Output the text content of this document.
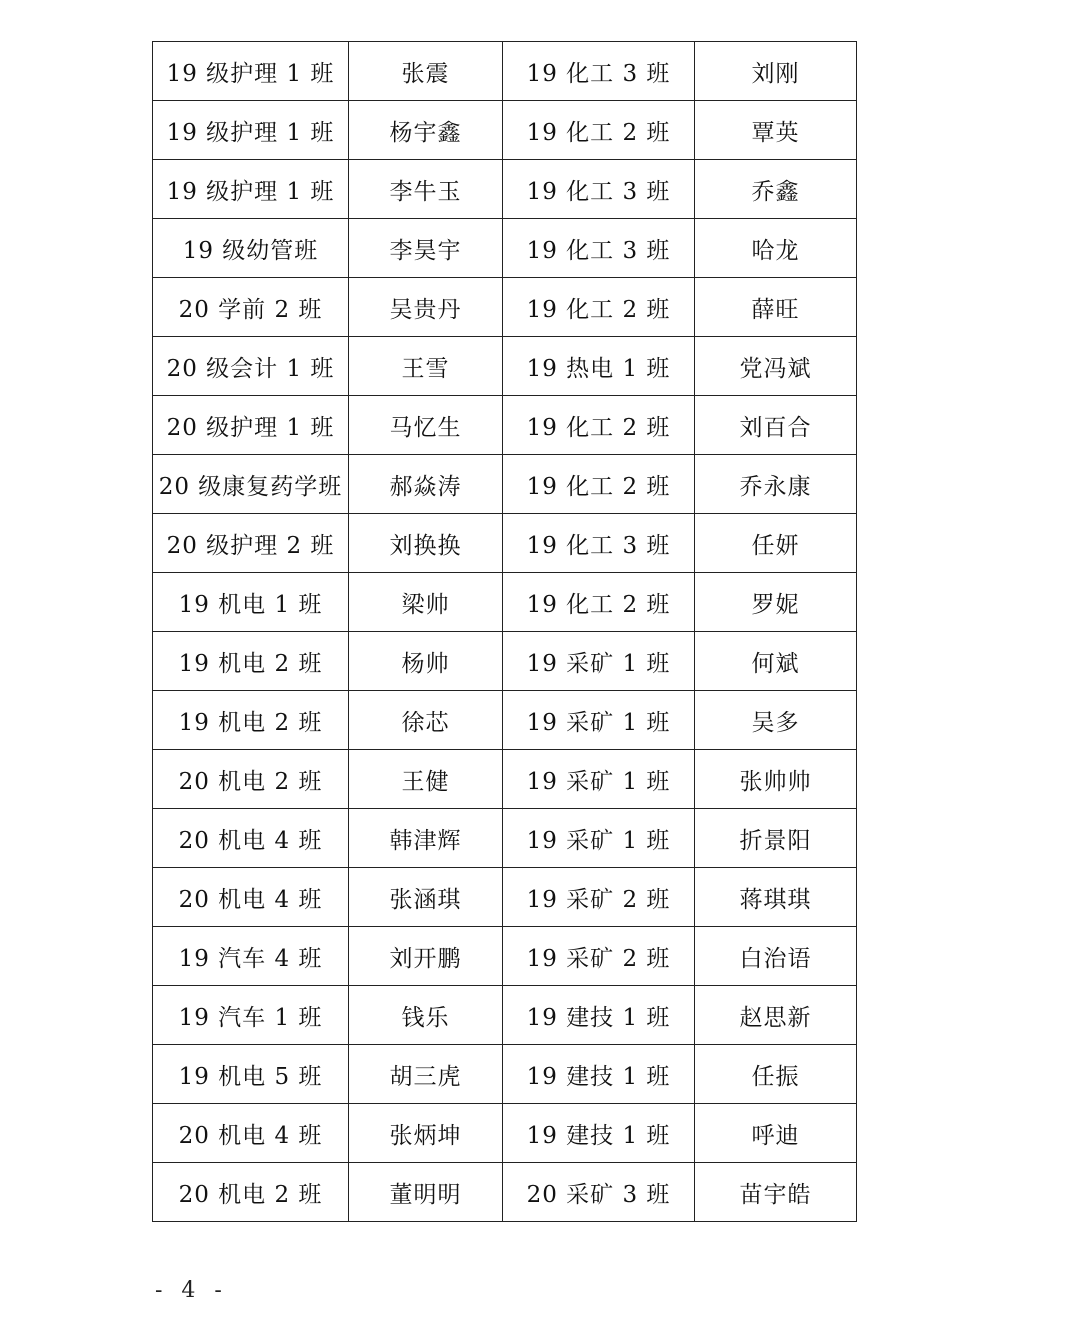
19 级护理 1 班	张震	19 化工 3 班	刘刚
19 级护理 1 班	杨宇鑫	19 化工 2 班	覃英
19 级护理 1 班	李牛玉	19 化工 3 班	乔鑫
19 级幼管班	李昊宇	19 化工 3 班	哈龙
20 学前 2 班	吴贵丹	19 化工 2 班	薛旺
20 级会计 1 班	王雪	19 热电 1 班	党冯斌
20 级护理 1 班	马忆生	19 化工 2 班	刘百合
20 级康复药学班	郝焱涛	19 化工 2 班	乔永康
20 级护理 2 班	刘换换	19 化工 3 班	任妍
19 机电 1 班	梁帅	19 化工 2 班	罗妮
19 机电 2 班	杨帅	19 采矿 1 班	何斌
19 机电 2 班	徐芯	19 采矿 1 班	吴多
20 机电 2 班	王健	19 采矿 1 班	张帅帅
20 机电 4 班	韩津辉	19 采矿 1 班	折景阳
20 机电 4 班	张涵琪	19 采矿 2 班	蒋琪琪
19 汽车 4 班	刘开鹏	19 采矿 2 班	白治语
19 汽车 1 班	钱乐	19 建技 1 班	赵思新
19 机电 5 班	胡三虎	19 建技 1 班	任振
20 机电 4 班	张炳坤	19 建技 1 班	呼迪
20 机电 2 班	董明明	20 采矿 3 班	苗宇皓
- 4 -
